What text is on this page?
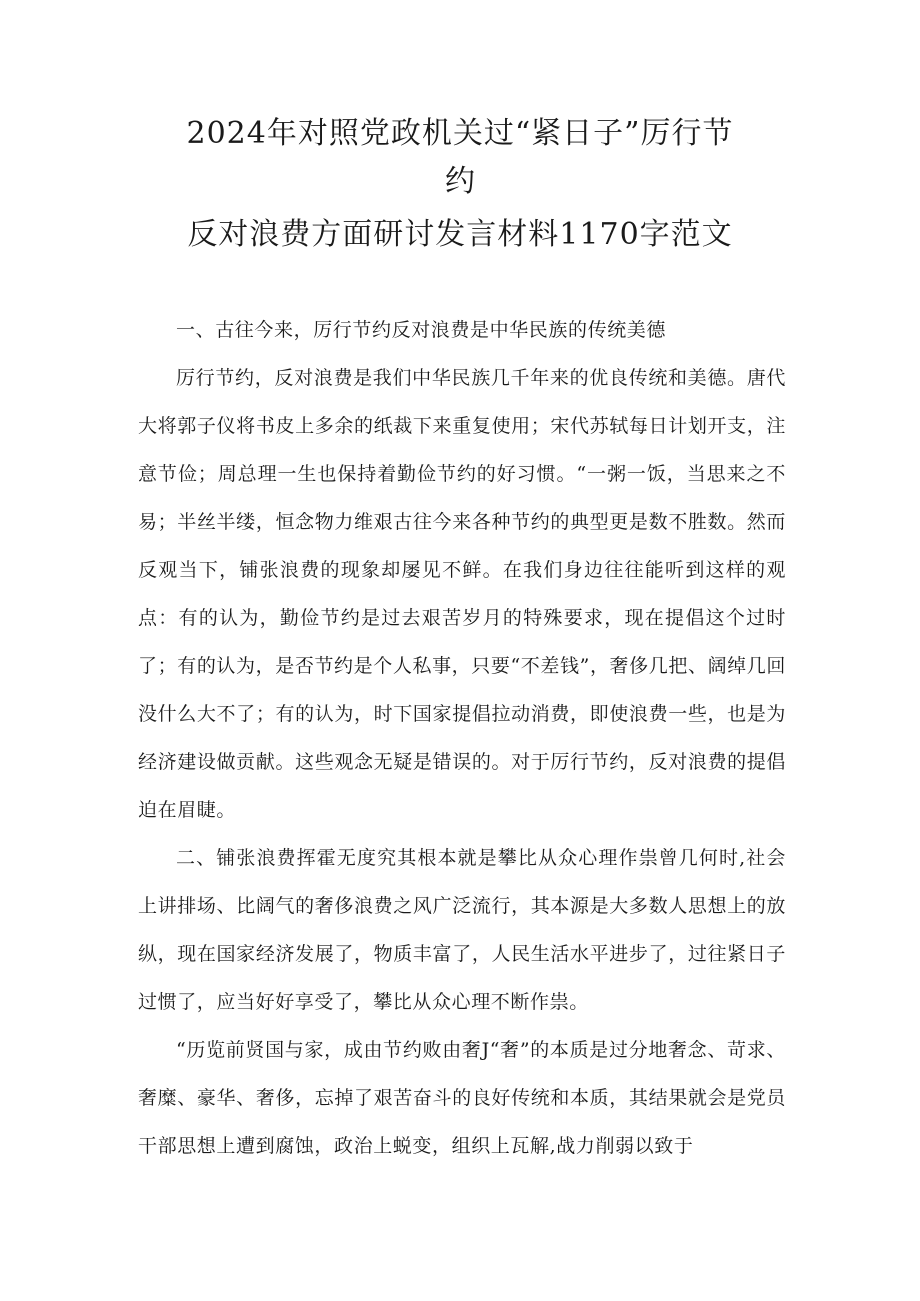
2024年对照党政机关过“紧日子”厉行节
约
反对浪费方面研讨发言材料1170字范文

一、古往今来，厉行节约反对浪费是中华民族的传统美德

厉行节约，反对浪费是我们中华民族几千年来的优良传统和美德。唐代大将郭子仪将书皮上多余的纸裁下来重复使用；宋代苏轼每日计划开支，注意节俭；周总理一生也保持着勤俭节约的好习惯。“一粥一饭，当思来之不易；半丝半缕，恒念物力维艰古往今来各种节约的典型更是数不胜数。然而反观当下，铺张浪费的现象却屡见不鲜。在我们身边往往能听到这样的观点：有的认为，勤俭节约是过去艰苦岁月的特殊要求，现在提倡这个过时了；有的认为，是否节约是个人私事，只要“不差钱”，奢侈几把、阔绰几回没什么大不了；有的认为，时下国家提倡拉动消费，即使浪费一些，也是为经济建设做贡献。这些观念无疑是错误的。对于厉行节约，反对浪费的提倡迫在眉睫。

二、铺张浪费挥霍无度究其根本就是攀比从众心理作祟曾几何时,社会上讲排场、比阔气的奢侈浪费之风广泛流行，其本源是大多数人思想上的放纵，现在国家经济发展了，物质丰富了，人民生活水平进步了，过往紧日子过惯了，应当好好享受了，攀比从众心理不断作祟。

“历览前贤国与家，成由节约败由奢J“奢”的本质是过分地奢念、苛求、奢糜、豪华、奢侈，忘掉了艰苦奋斗的良好传统和本质，其结果就会是党员干部思想上遭到腐蚀，政治上蜕变，组织上瓦解,战力削弱以致于
